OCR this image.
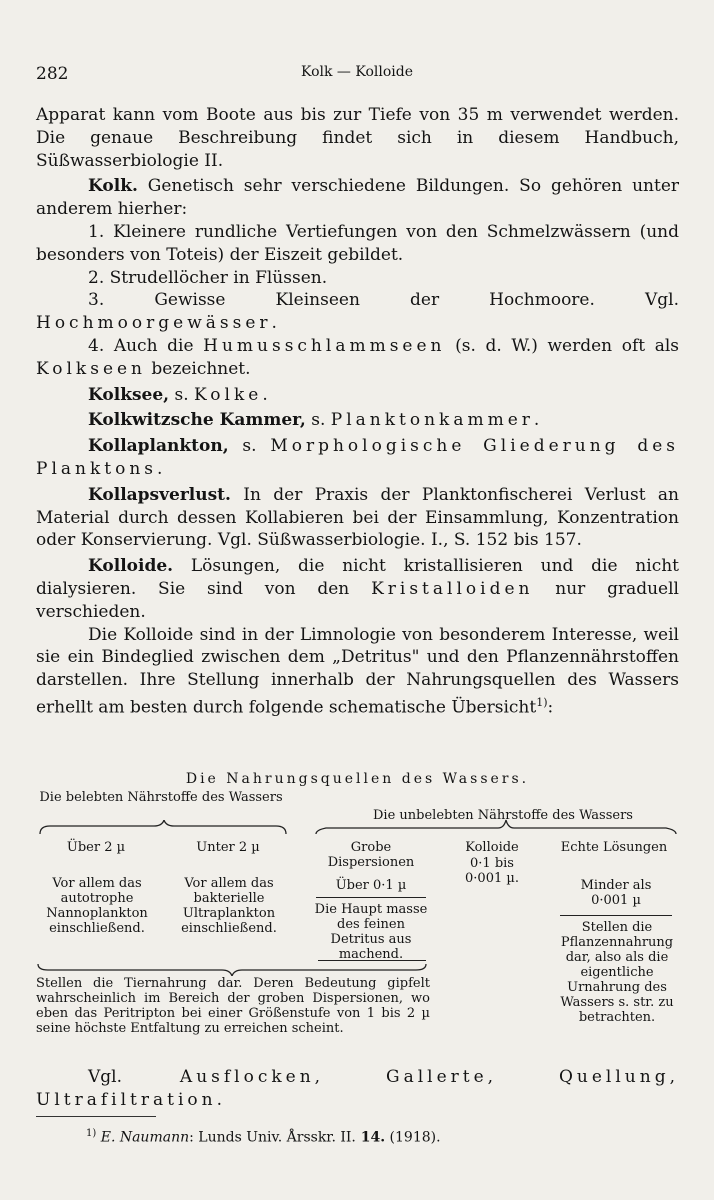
282	Kolk — Kolloide

Apparat kann vom Boote aus bis zur Tiefe von 35 m verwendet werden. Die genaue Beschreibung findet sich in diesem Handbuch, Süßwasserbiologie II.

Kolk. Genetisch sehr verschiedene Bildungen. So gehören unter anderem hierher:

1. Kleinere rundliche Vertiefungen von den Schmelzwässern (und besonders von Toteis) der Eiszeit gebildet.

2. Strudellöcher in Flüssen.

3. Gewisse Kleinseen der Hochmoore. Vgl. Hochmoorgewässer.

4. Auch die Humusschlammseen (s. d. W.) werden oft als Kolkseen bezeichnet.

Kolksee, s. Kolke.

Kolkwitzsche Kammer, s. Planktonkammer.

Kollaplankton, s. Morphologische Gliederung des Planktons.

Kollapsverlust. In der Praxis der Planktonfischerei Verlust an Material durch dessen Kollabieren bei der Einsammlung, Konzentration oder Konservierung. Vgl. Süßwasserbiologie. I., S. 152 bis 157.

Kolloide. Lösungen, die nicht kristallisieren und die nicht dialysieren. Sie sind von den Kristalloiden nur graduell verschieden.

Die Kolloide sind in der Limnologie von besonderem Interesse, weil sie ein Bindeglied zwischen dem „Detritus" und den Pflanzennährstoffen darstellen. Ihre Stellung innerhalb der Nahrungsquellen des Wassers erhellt am besten durch folgende schematische Übersicht$^{1)}$:

Die Nahrungsquellen des Wassers.
Die belebten Nährstoffe des Wassers
Die unbelebten Nährstoffe des Wassers
Über 2 µ
Vor allem das autotrophe Nannoplankton einschließend.
Unter 2 µ
Vor allem das bakterielle Ultraplankton einschließend.
Grobe Dispersionen
Über 0·1 µ
Die Haupt masse des feinen Detritus aus machend.
Kolloide
0·1 bis 0·001 µ.
Echte Lösungen
Minder als 0·001 µ
Stellen die Pflanzennahrung dar, also als die eigentliche Urnahrung des Wassers s. str. zu betrachten.
Stellen die Tiernahrung dar. Deren Bedeutung gipfelt wahrscheinlich im Bereich der groben Dispersionen, wo eben das Peritripton bei einer Größenstufe von 1 bis 2 µ seine höchste Entfaltung zu erreichen scheint.

Vgl. Ausflocken, Gallerte, Quellung, Ultrafiltration.

$^{1)}$ E. Naumann: Lunds Univ. Årsskr. II. 14. (1918).
